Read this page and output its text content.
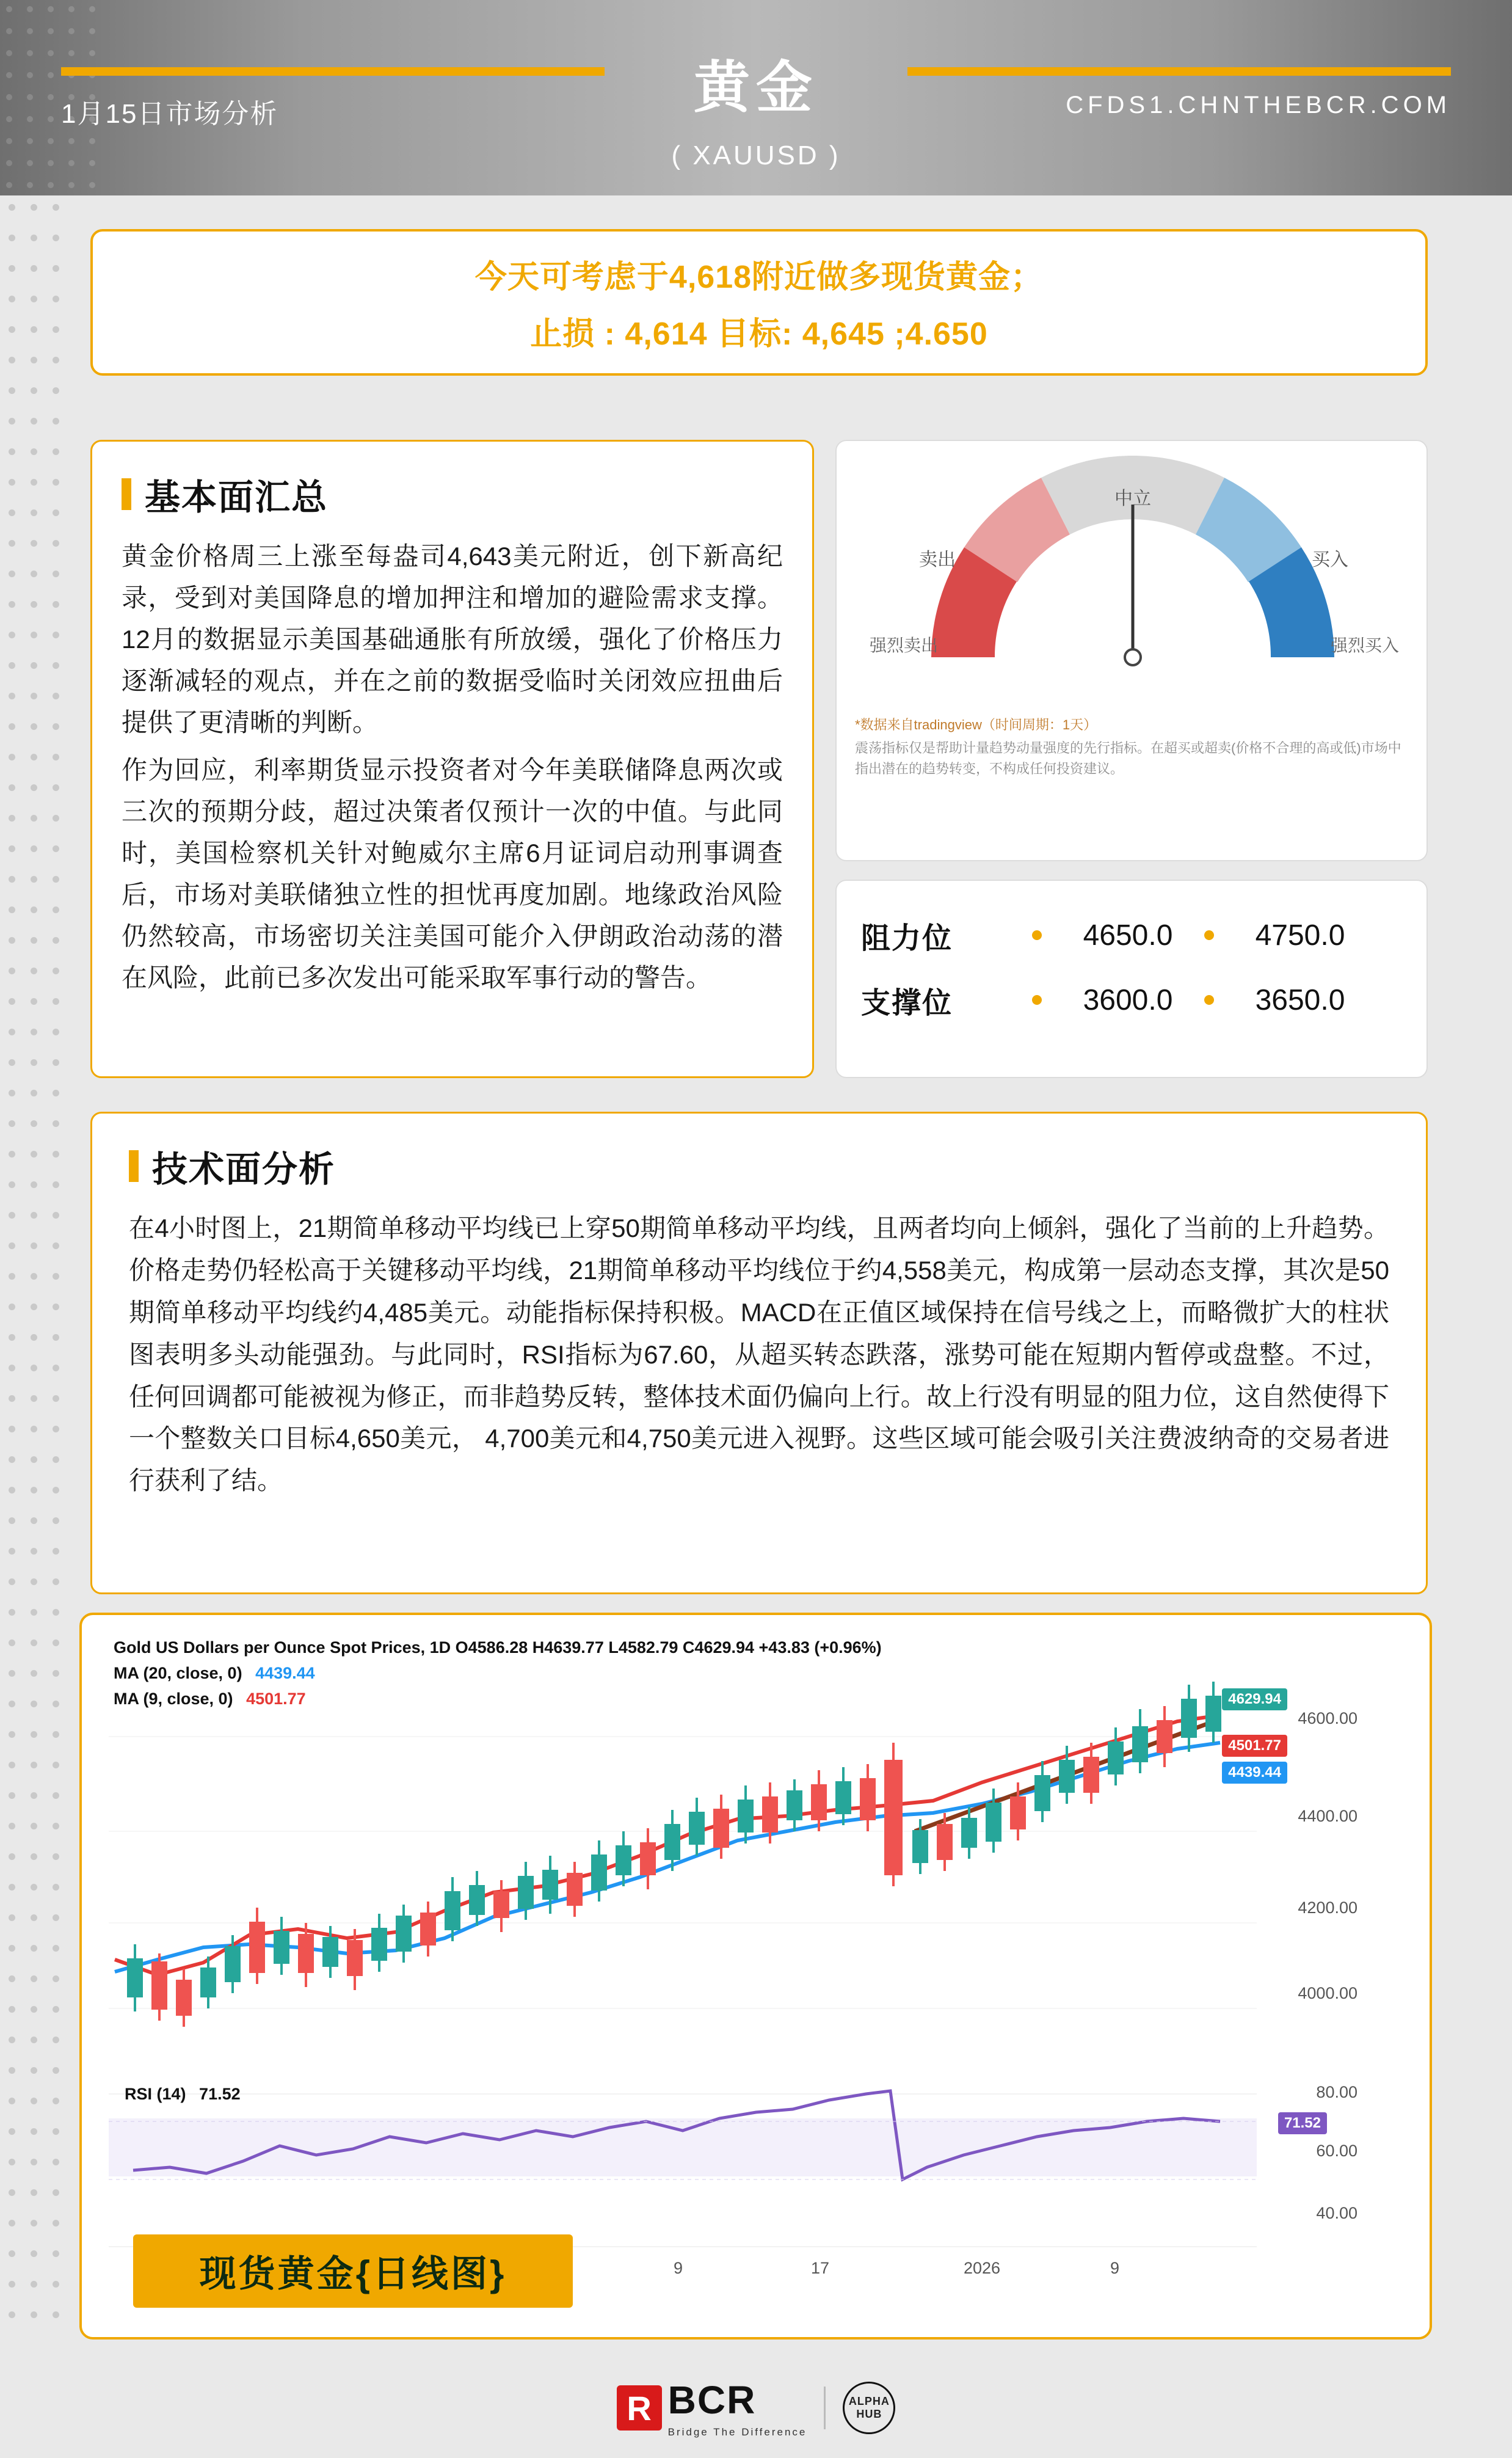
1月15日市场分析	黄金
( XAUUSD )
CFDS1.CHNTHEBCR.COM
今天可考虑于4,618附近做多现货黄金；
止损 : 4,614 目标: 4,645 ;4.650
基本面汇总

黄金价格周三上涨至每盎司4,643美元附近，创下新高纪录，受到对美国降息的增加押注和增加的避险需求支撑。12月的数据显示美国基础通胀有所放缓，强化了价格压力逐渐减轻的观点，并在之前的数据受临时关闭效应扭曲后提供了更清晰的判断。

作为回应，利率期货显示投资者对今年美联储降息两次或三次的预期分歧，超过决策者仅预计一次的中值。与此同时，美国检察机关针对鲍威尔主席6月证词启动刑事调查后，市场对美联储独立性的担忧再度加剧。地缘政治风险仍然较高，市场密切关注美国可能介入伊朗政治动荡的潜在风险，此前已多次发出可能采取军事行动的警告。

中立
卖出	买入
强烈卖出	强烈买入
*数据来自tradingview（时间周期：1天）
震荡指标仅是帮助计量趋势动量强度的先行指标。在超买或超卖(价格不合理的高或低)市场中指出潜在的趋势转变，不构成任何投资建议。
阻力位	4650.0	4750.0
支撑位	3600.0	3650.0
技术面分析

在4小时图上，21期简单移动平均线已上穿50期简单移动平均线，且两者均向上倾斜，强化了当前的上升趋势。价格走势仍轻松高于关键移动平均线，21期简单移动平均线位于约4,558美元，构成第一层动态支撑，其次是50期简单移动平均线约4,485美元。动能指标保持积极。MACD在正值区域保持在信号线之上，而略微扩大的柱状图表明多头动能强劲。与此同时，RSI指标为67.60，从超买转态跌落，涨势可能在短期内暂停或盘整。不过，任何回调都可能被视为修正，而非趋势反转，整体技术面仍偏向上行。故上行没有明显的阻力位，这自然使得下一个整数关口目标4,650美元， 4,700美元和4,750美元进入视野。这些区域可能会吸引关注费波纳奇的交易者进行获利了结。

Gold US Dollars per Ounce Spot Prices, 1D O4586.28 H4639.77 L4582.79 C4629.94 +43.83 (+0.96%)
MA (20, close, 0) 4439.44
MA (9, close, 0) 4501.77	4629.94
4501.77
4439.44
4600.00
4400.00
4200.00
4000.00
RSI (14) 71.52	80.00
71.52
60.00
40.00
9	17	2026	9
现货黄金{日线图}
R BCR
Bridge The Difference
ALPHA
HUB
